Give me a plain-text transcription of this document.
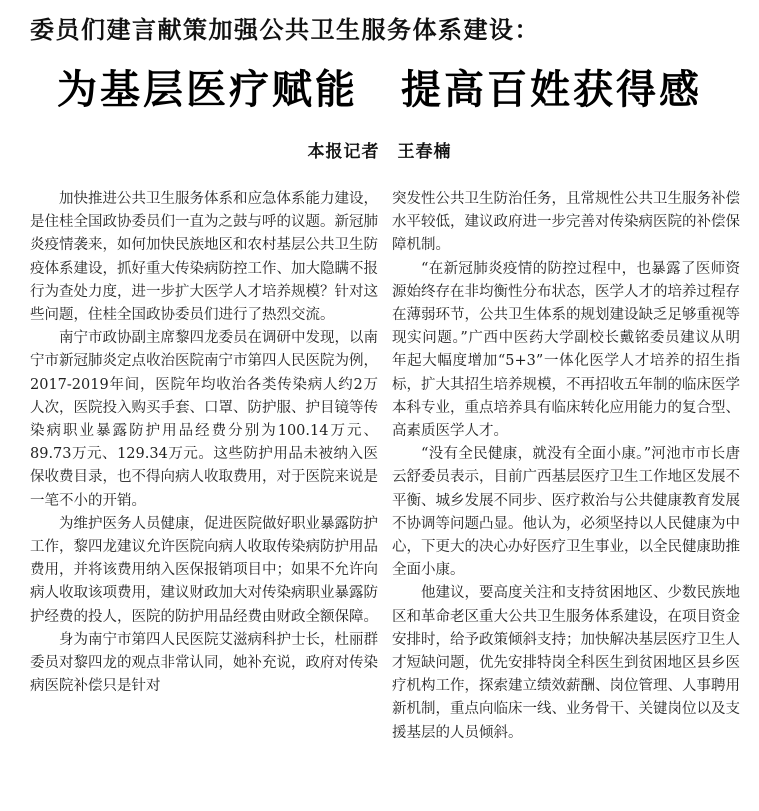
委员们建言献策加强公共卫生服务体系建设：
为基层医疗赋能　提高百姓获得感
本报记者　王春楠

加快推进公共卫生服务体系和应急体系能力建设，是住桂全国政协委员们一直为之鼓与呼的议题。新冠肺炎疫情袭来，如何加快民族地区和农村基层公共卫生防疫体系建设，抓好重大传染病防控工作、加大隐瞒不报行为查处力度，进一步扩大医学人才培养规模？针对这些问题，住桂全国政协委员们进行了热烈交流。

南宁市政协副主席黎四龙委员在调研中发现，以南宁市新冠肺炎定点收治医院南宁市第四人民医院为例，2017-2019年间，医院年均收治各类传染病人约2万人次，医院投入购买手套、口罩、防护服、护目镜等传染病职业暴露防护用品经费分别为100.14万元、89.73万元、129.34万元。这些防护用品未被纳入医保收费目录，也不得向病人收取费用，对于医院来说是一笔不小的开销。

为维护医务人员健康，促进医院做好职业暴露防护工作，黎四龙建议允许医院向病人收取传染病防护用品费用，并将该费用纳入医保报销项目中；如果不允许向病人收取该项费用，建议财政加大对传染病职业暴露防护经费的投人，医院的防护用品经费由财政全额保障。

身为南宁市第四人民医院艾滋病科护士长，杜丽群委员对黎四龙的观点非常认同，她补充说，政府对传染病医院补偿只是针对

突发性公共卫生防治任务，且常规性公共卫生服务补偿水平较低，建议政府进一步完善对传染病医院的补偿保障机制。

“在新冠肺炎疫情的防控过程中，也暴露了医师资源始终存在非均衡性分布状态，医学人才的培养过程存在薄弱环节，公共卫生体系的规划建设缺乏足够重视等现实问题。”广西中医药大学副校长戴铭委员建议从明年起大幅度增加“5+3”一体化医学人才培养的招生指标，扩大其招生培养规模，不再招收五年制的临床医学本科专业，重点培养具有临床转化应用能力的复合型、高素质医学人才。

“没有全民健康，就没有全面小康。”河池市市长唐云舒委员表示，目前广西基层医疗卫生工作地区发展不平衡、城乡发展不同步、医疗救治与公共健康教育发展不协调等问题凸显。他认为，必须坚持以人民健康为中心，下更大的决心办好医疗卫生事业，以全民健康助推全面小康。

他建议，要高度关注和支持贫困地区、少数民族地区和革命老区重大公共卫生服务体系建设，在项目资金安排时，给予政策倾斜支持；加快解决基层医疗卫生人才短缺问题，优先安排特岗全科医生到贫困地区县乡医疗机构工作，探索建立绩效薪酬、岗位管理、人事聘用新机制，重点向临床一线、业务骨干、关键岗位以及支援基层的人员倾斜。
